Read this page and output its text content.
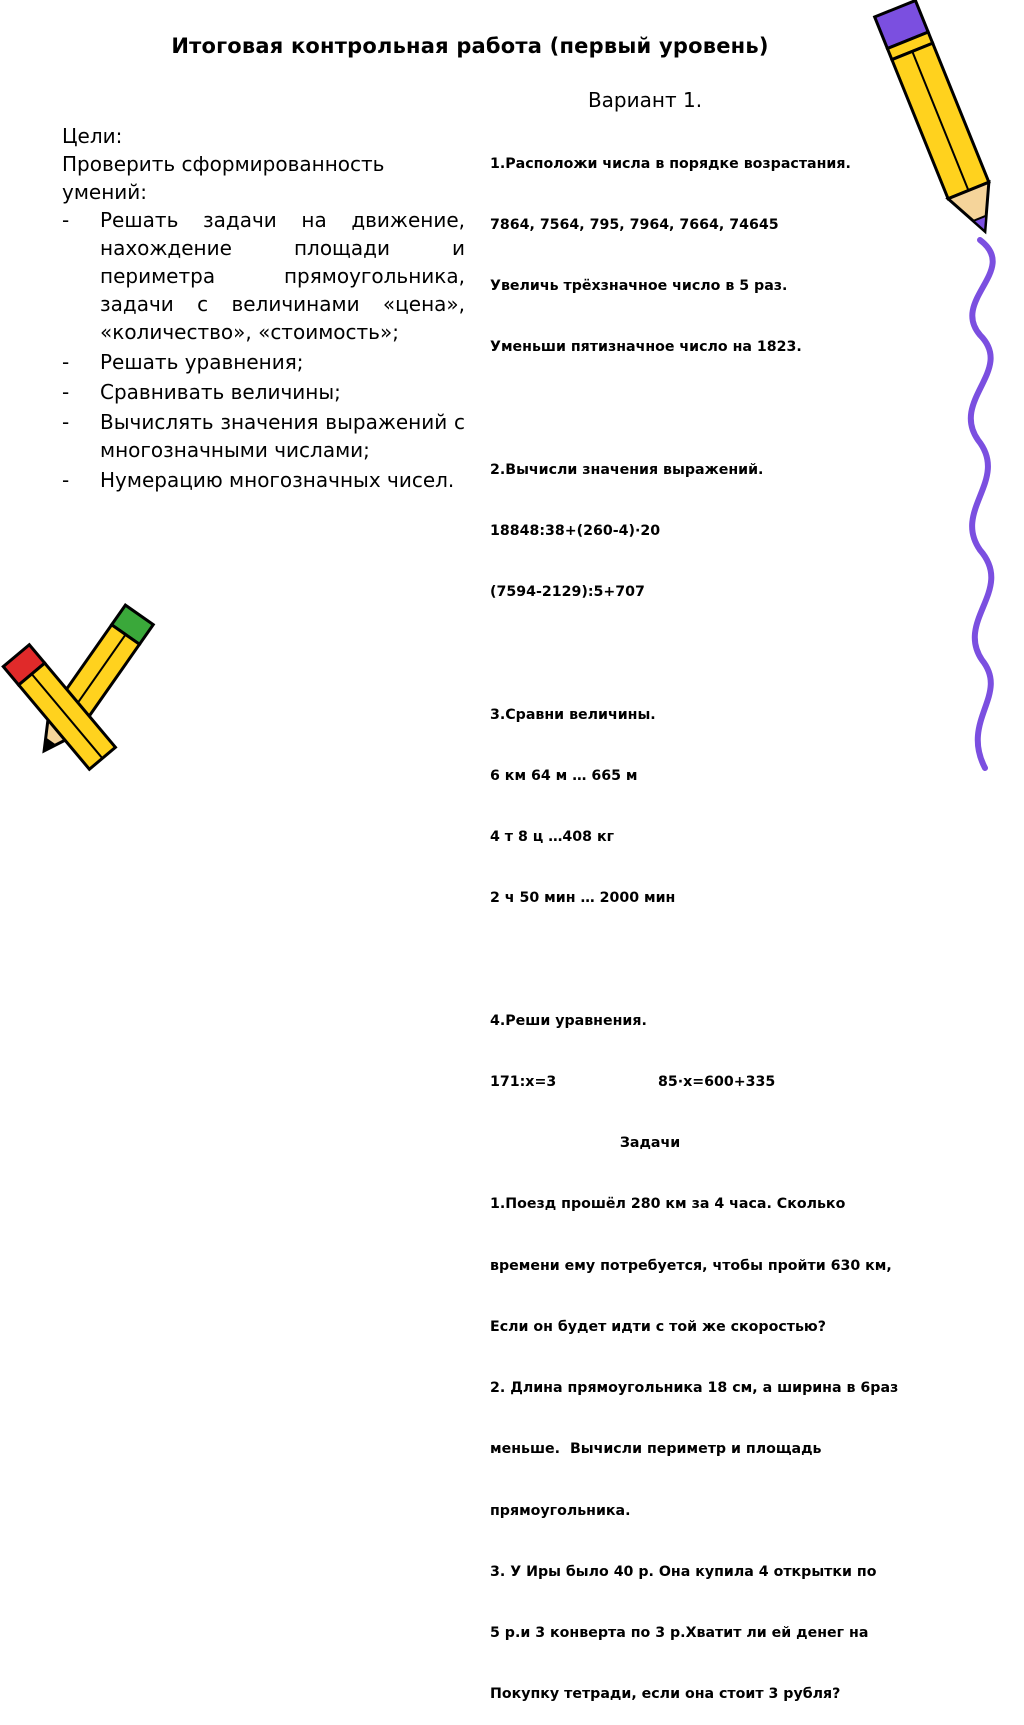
Итоговая контрольная работа (первый уровень)

Цели:

Проверить сформированность умений:

- Решать задачи на движение, нахождение площади и периметра прямоугольника, задачи с величинами «цена», «количество», «стоимость»;
- Решать уравнения;
- Сравнивать величины;
- Вычислять значения выражений с многозначными числами;
- Нумерацию многозначных чисел.
Вариант 1.

1.Расположи числа в порядке возрастания.

7864, 7564, 795, 7964, 7664, 74645

Увеличь трёхзначное число в 5 раз.

Уменьши пятизначное число на 1823.

2.Вычисли значения выражений.

18848:38+(260-4)·20

(7594-2129):5+707

3.Сравни величины.

6 км 64 м … 665 м

4 т 8 ц …408 кг

2 ч 50 мин … 2000 мин

4.Реши уравнения.

171:x=3	85·x=600+335

Задачи

1.Поезд прошёл 280 км за 4 часа. Сколько

времени ему потребуется, чтобы пройти 630 км,

Если он будет идти с той же скоростью?

2. Длина прямоугольника 18 см, а ширина в 6раз

меньше.  Вычисли периметр и площадь

прямоугольника.

3. У Иры было 40 р. Она купила 4 открытки по

5 р.и 3 конверта по 3 р.Хватит ли ей денег на

Покупку тетради, если она стоит 3 рубля?
